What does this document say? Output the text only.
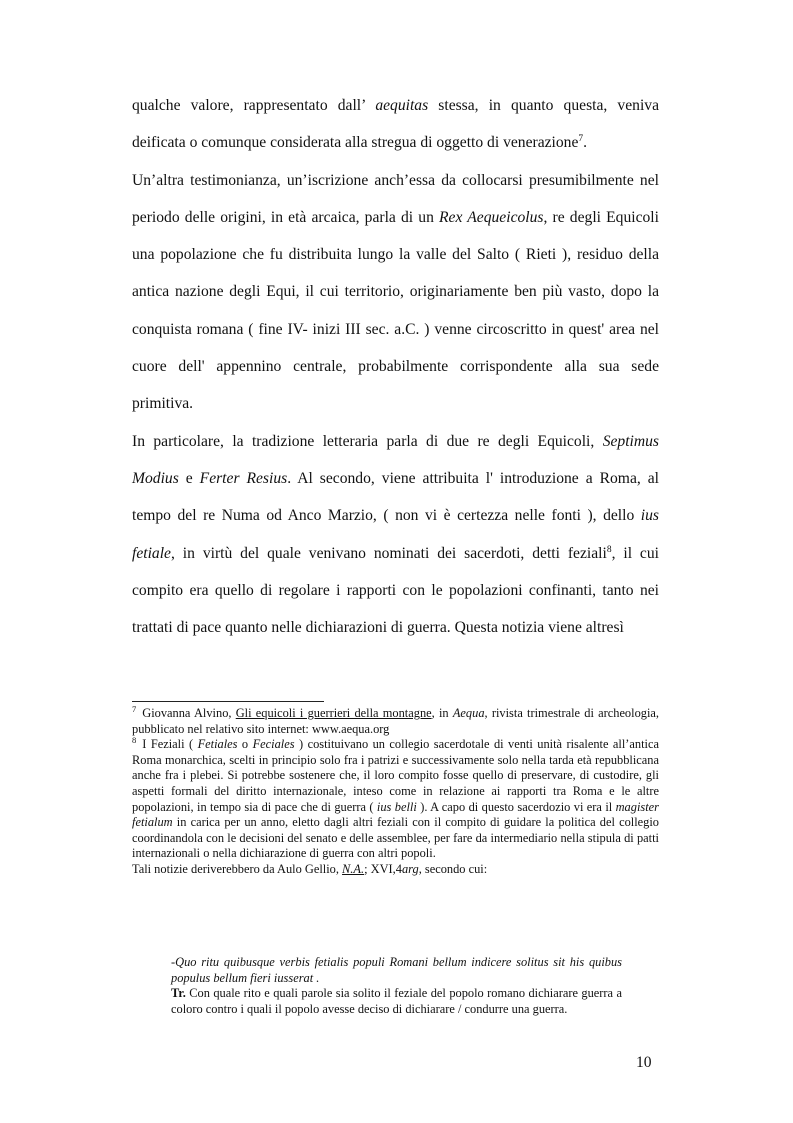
qualche valore, rappresentato dall’ aequitas stessa, in quanto questa, veniva deificata o comunque considerata alla stregua di oggetto di venerazione$^7$.

Un’altra testimonianza, un’iscrizione anch’essa da collocarsi presumibilmente nel periodo delle origini, in età arcaica, parla di un Rex Aequeicolus, re degli Equicoli una popolazione che fu distribuita lungo la valle del Salto ( Rieti ), residuo della antica nazione degli Equi, il cui territorio, originariamente ben più vasto, dopo la conquista romana ( fine IV- inizi III sec. a.C. ) venne circoscritto in quest' area nel cuore dell' appennino centrale, probabilmente corrispondente alla sua sede primitiva.

In particolare, la tradizione letteraria parla di due re degli Equicoli, Septimus Modius e Ferter Resius. Al secondo, viene attribuita l' introduzione a Roma, al tempo del re Numa od Anco Marzio, ( non vi è certezza nelle fonti ), dello ius fetiale, in virtù del quale venivano nominati dei sacerdoti, detti feziali$^8$, il cui compito era quello di regolare i rapporti con le popolazioni confinanti, tanto nei trattati di pace quanto nelle dichiarazioni di guerra. Questa notizia viene altresì

$^7$ Giovanna Alvino, Gli equicoli i guerrieri della montagne, in Aequa, rivista trimestrale di archeologia, pubblicato nel relativo sito internet: www.aequa.org

$^8$ I Feziali ( Fetiales o Feciales ) costituivano un collegio sacerdotale di venti unità risalente all’antica Roma monarchica, scelti in principio solo fra i patrizi e successivamente solo nella tarda età repubblicana anche fra i plebei. Si potrebbe sostenere che, il loro compito fosse quello di preservare, di custodire, gli aspetti formali del diritto internazionale, inteso come in relazione ai rapporti tra Roma e le altre popolazioni, in tempo sia di pace che di guerra ( ius belli ). A capo di questo sacerdozio vi era il magister fetialum in carica per un anno, eletto dagli altri feziali con il compito di guidare la politica del collegio coordinandola con le decisioni del senato e delle assemblee, per fare da intermediario nella stipula di patti internazionali o nella dichiarazione di guerra con altri popoli.

Tali notizie deriverebbero da Aulo Gellio, N.A.; XVI,4arg, secondo cui:

-Quo ritu quibusque verbis fetialis populi Romani bellum indicere solitus sit his quibus populus bellum fieri iusserat .

Tr. Con quale rito e quali parole sia solito il feziale del popolo romano dichiarare guerra a coloro contro i quali il popolo avesse deciso di dichiarare / condurre una guerra.

10
